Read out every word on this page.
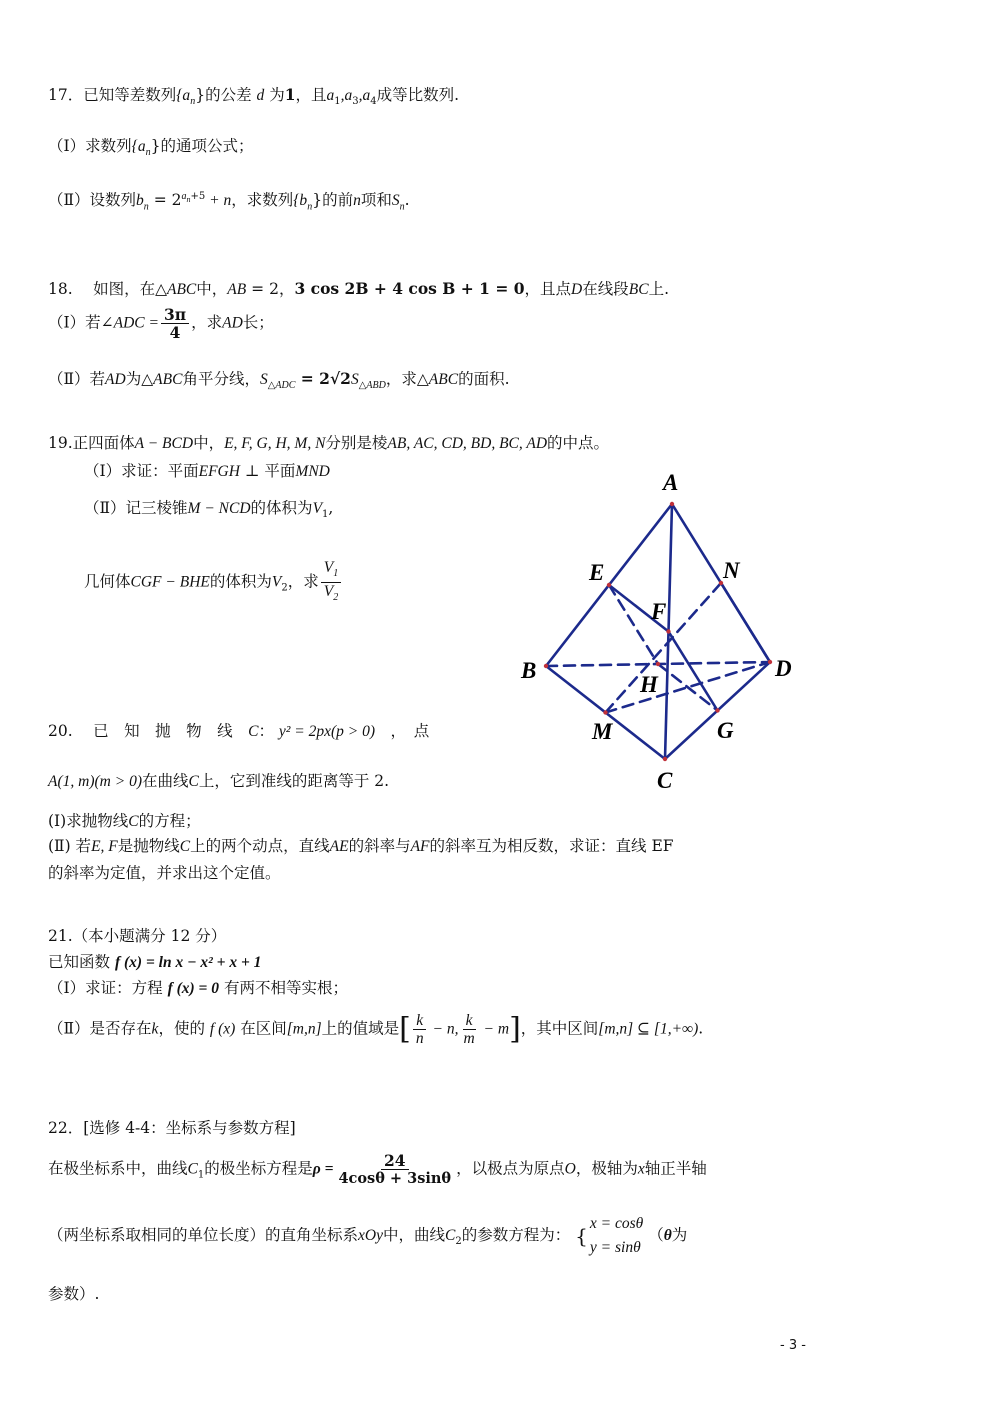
17．已知等差数列$\{a_n\}$的公差 d 为1，且$a_1,a_3,a_4$成等比数列.
（Ⅰ）求数列$\{a_n\}$的通项公式；
（Ⅱ）设数列$b_n = 2^{a_n+5} + n$，求数列$\{b_n\}$的前n项和$S_n$.
18.　 如图，在△ABC中，AB = 2，3 cos 2B + 4 cos B + 1 = 0，且点D在线段BC上.
（Ⅰ）若∠ADC = $\frac{3\pi}{4}$ ，求AD长；
（Ⅱ）若AD为△ABC角平分线，$S_{\triangle ADC} = 2√2S_{\triangle ABD}$，求△ABC的面积.
19.正四面体A − BCD中，E, F, G, H, M, N分别是棱AB, AC, CD, BD, BC, AD的中点。
（Ⅰ）求证：平面EFGH ⊥ 平面MND
（Ⅱ）记三棱锥M − NCD的体积为$V_1$,
几何体CGF − BHE的体积为$V_2$，求 $\frac{V_1}{V_2}$
A
B
C
D
E
F
G
H
M
N
20.　 已　知　抛　物　线　 C： y² = 2px(p > 0)　，　点
A(1, m)(m > 0)在曲线C上，它到准线的距离等于 2.
(Ⅰ)求抛物线C的方程；
(Ⅱ) 若E, F是抛物线C上的两个动点，直线AE的斜率与AF的斜率互为相反数，求证：直线 EF
的斜率为定值，并求出这个定值。
21.（本小题满分 12 分）
已知函数 f (x) = ln x − x² + x + 1
（Ⅰ）求证：方程 f (x) = 0 有两不相等实根；
（Ⅱ）是否存在k，使的 f (x) 在区间[m,n]上的值域是[ $\frac{k}{n} - n$, $\frac{k}{m} - m$]，其中区间[m,n] ⊆ [1,+∞).
22．[选修 4-4：坐标系与参数方程]
在极坐标系中，曲线$C_1$的极坐标方程是$\rho = \frac{24}{4\cos\theta + 3\sin\theta}$ ，以极点为原点O，极轴为x轴正半轴
（两坐标系取相同的单位长度）的直角坐标系xOy中，曲线$C_2$的参数方程为： {
x = cosθ
y = sinθ
（θ为
参数）.
- 3 -
